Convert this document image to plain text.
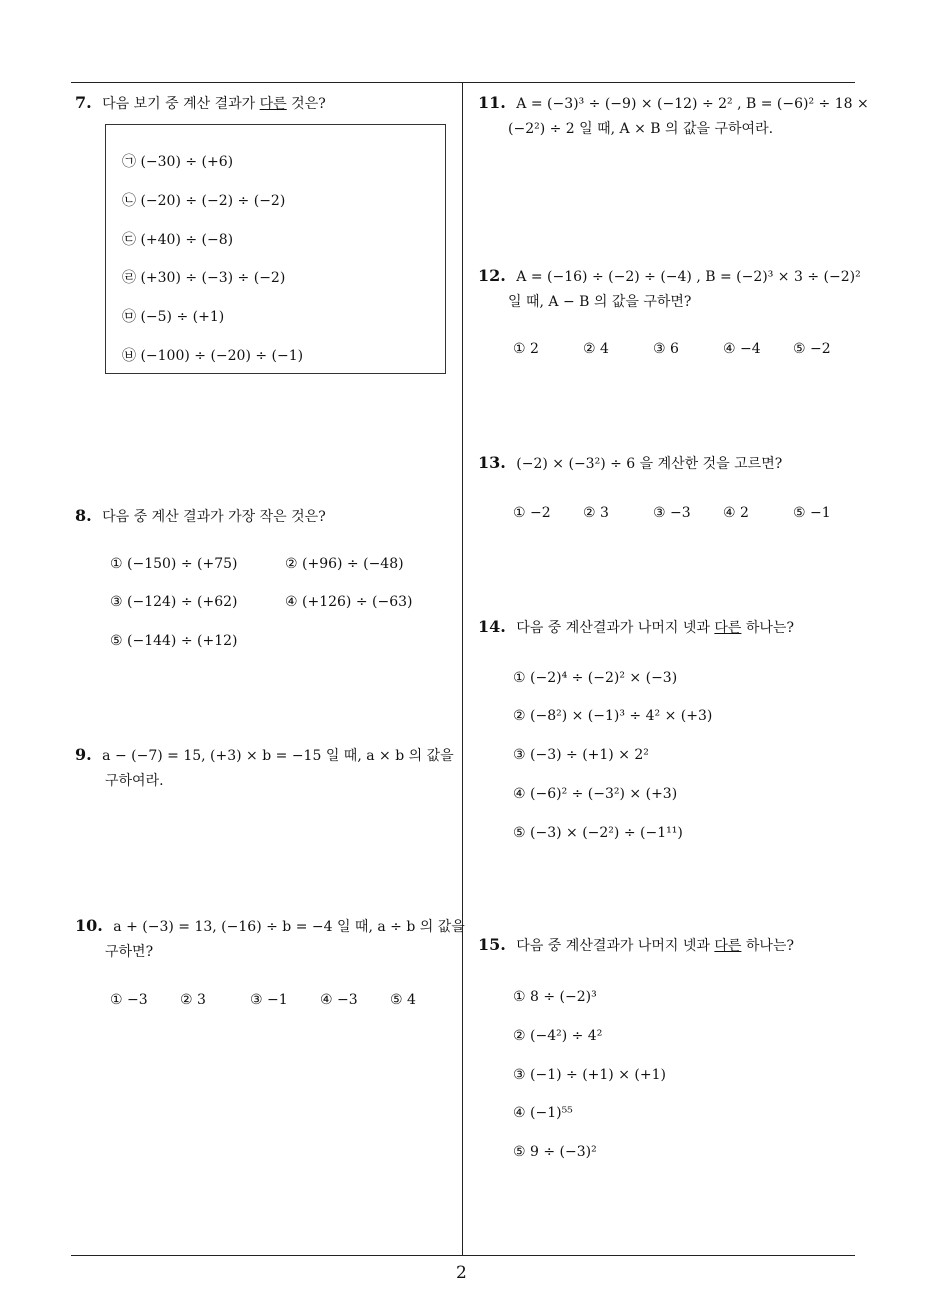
7. 다음 보기 중 계산 결과가 다른 것은?
㉠ (−30) ÷ (+6)
㉡ (−20) ÷ (−2) ÷ (−2)
㉢ (+40) ÷ (−8)
㉣ (+30) ÷ (−3) ÷ (−2)
㉤ (−5) ÷ (+1)
㉥ (−100) ÷ (−20) ÷ (−1)
8. 다음 중 계산 결과가 가장 작은 것은?
① (−150) ÷ (+75)	② (+96) ÷ (−48)
③ (−124) ÷ (+62)	④ (+126) ÷ (−63)
⑤ (−144) ÷ (+12)
9. a − (−7) = 15, (+3) × b = −15 일 때, a × b 의 값을
구하여라.
10. a + (−3) = 13, (−16) ÷ b = −4 일 때, a ÷ b 의 값을
구하면?
① −3 ② 3	③ −1 ④ −3 ⑤ 4
11. A = (−3)³ ÷ (−9) × (−12) ÷ 2² , B = (−6)² ÷ 18 ×
(−2²) ÷ 2 일 때, A × B 의 값을 구하여라.
12. A = (−16) ÷ (−2) ÷ (−4) , B = (−2)³ × 3 ÷ (−2)²
일 때, A − B 의 값을 구하면?
① 2	② 4	③ 6	④ −4 ⑤ −2
13. (−2) × (−3²) ÷ 6 을 계산한 것을 고르면?
① −2 ② 3	③ −3 ④ 2	⑤ −1
14. 다음 중 계산결과가 나머지 넷과 다른 하나는?
① (−2)⁴ ÷ (−2)² × (−3)
② (−8²) × (−1)³ ÷ 4² × (+3)
③ (−3) ÷ (+1) × 2²
④ (−6)² ÷ (−3²) × (+3)
⑤ (−3) × (−2²) ÷ (−1¹¹)
15. 다음 중 계산결과가 나머지 넷과 다른 하나는?
① 8 ÷ (−2)³
② (−4²) ÷ 4²
③ (−1) ÷ (+1) × (+1)
④ (−1)⁵⁵
⑤ 9 ÷ (−3)²
2
